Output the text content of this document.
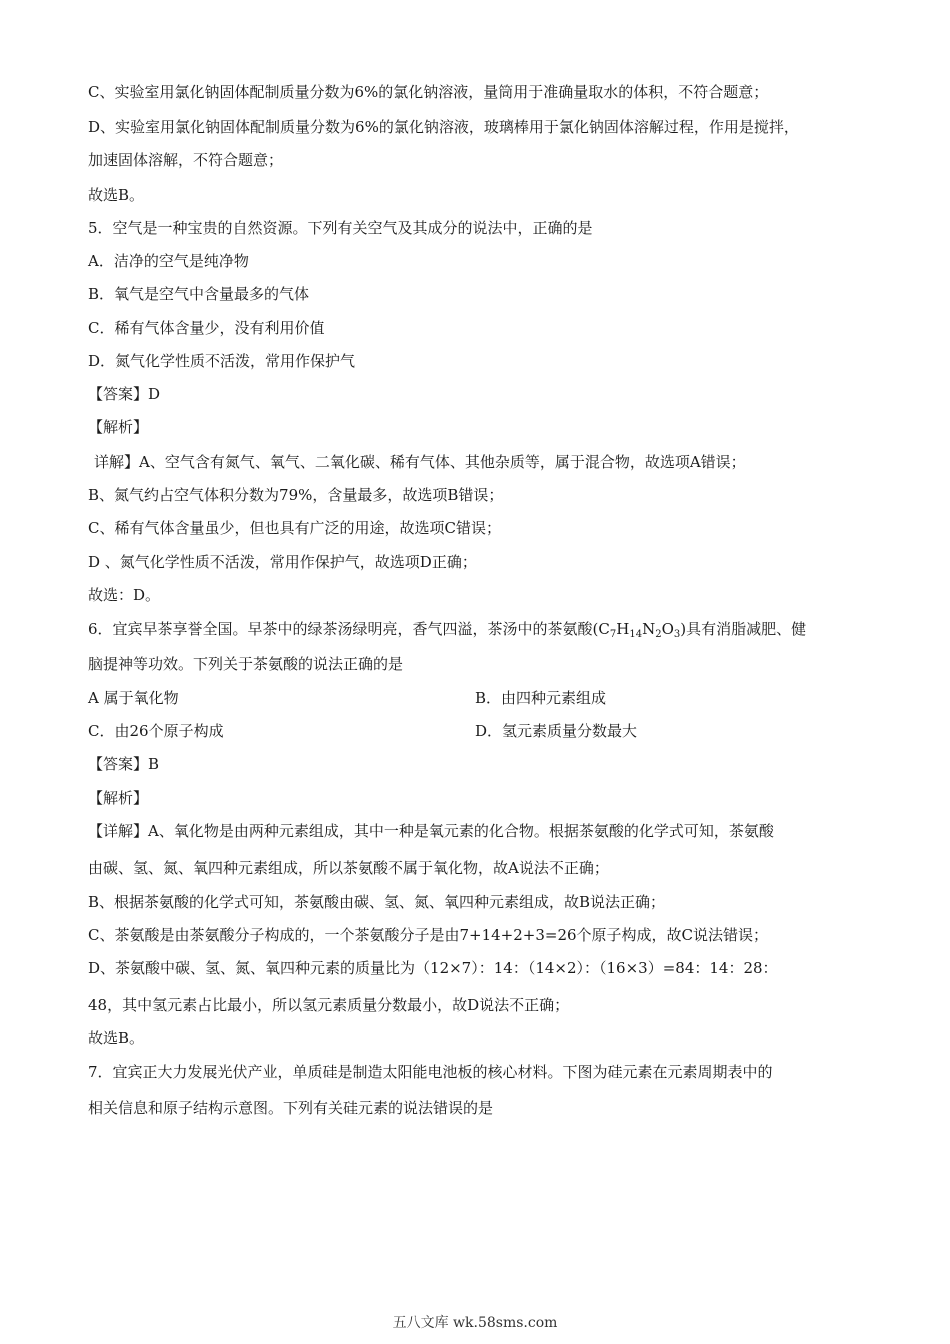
C、实验室用氯化钠固体配制质量分数为6%的氯化钠溶液，量筒用于准确量取水的体积，不符合题意；
D、实验室用氯化钠固体配制质量分数为6%的氯化钠溶液，玻璃棒用于氯化钠固体溶解过程，作用是搅拌，
加速固体溶解，不符合题意；
故选B。
5．空气是一种宝贵的自然资源。下列有关空气及其成分的说法中，正确的是
A．洁净的空气是纯净物
B．氧气是空气中含量最多的气体
C．稀有气体含量少，没有利用价值
D．氮气化学性质不活泼，常用作保护气
【答案】D
【解析】
详解】A、空气含有氮气、氧气、二氧化碳、稀有气体、其他杂质等，属于混合物，故选项A错误；
B、氮气约占空气体积分数为79%，含量最多，故选项B错误；
C、稀有气体含量虽少，但也具有广泛的用途，故选项C错误；
D 、氮气化学性质不活泼，常用作保护气，故选项D正确；
故选：D。
6．宜宾早茶享誉全国。早茶中的绿茶汤绿明亮，香气四溢，茶汤中的茶氨酸$(C_7H_{14}N_2O_3)$具有消脂减肥、健
脑提神等功效。下列关于茶氨酸的说法正确的是
A 属于氧化物	B．由四种元素组成
C．由26个原子构成	D．氢元素质量分数最大
【答案】B
【解析】
【详解】A、氧化物是由两种元素组成，其中一种是氧元素的化合物。根据茶氨酸的化学式可知，茶氨酸
由碳、氢、氮、氧四种元素组成，所以茶氨酸不属于氧化物，故A说法不正确；
B、根据茶氨酸的化学式可知，茶氨酸由碳、氢、氮、氧四种元素组成，故B说法正确；
C、茶氨酸是由茶氨酸分子构成的，一个茶氨酸分子是由7+14+2+3=26个原子构成，故C说法错误；
D、茶氨酸中碳、氢、氮、氧四种元素的质量比为（12×7）：14：（14×2）：（16×3）=84：14：28：
48，其中氢元素占比最小，所以氢元素质量分数最小，故D说法不正确；
故选B。
7．宜宾正大力发展光伏产业，单质硅是制造太阳能电池板的核心材料。下图为硅元素在元素周期表中的
相关信息和原子结构示意图。下列有关硅元素的说法错误的是
五八文库 wk.58sms.com
